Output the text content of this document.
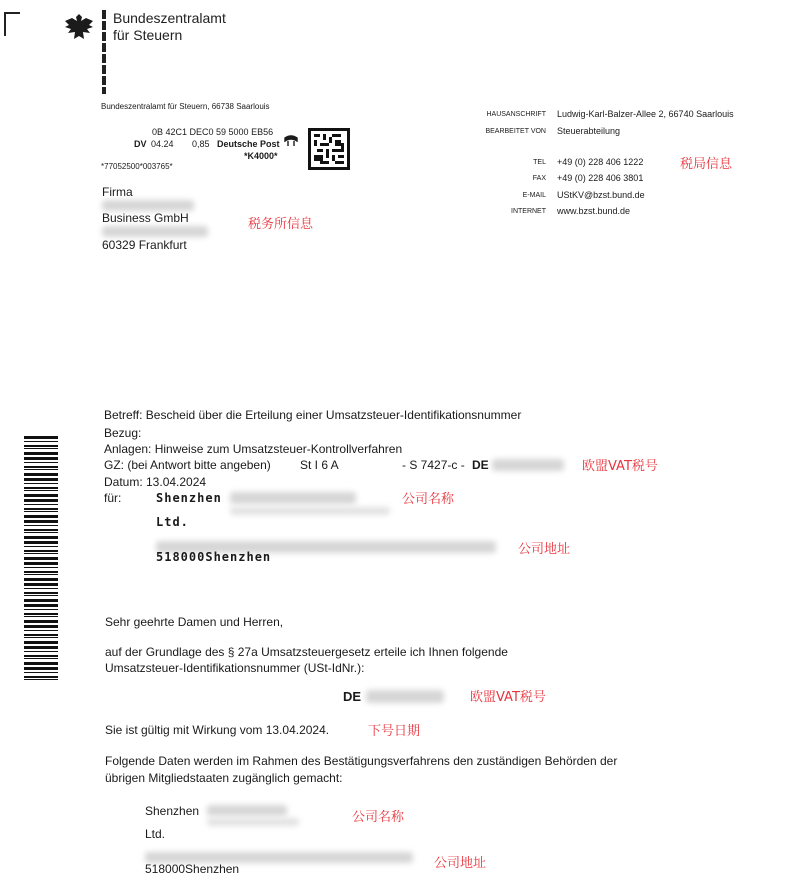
Bundeszentralamt
für Steuern
Bundeszentralamt für Steuern, 66738 Saarlouis
0B 42C1 DEC0 59 5000 EB56
DV 04.24 0,85 Deutsche Post
*K4000*
*77052500*003765*
Firma
Business GmbH
60329 Frankfurt
税务所信息
HAUSANSCHRIFT Ludwig-Karl-Balzer-Allee 2, 66740 Saarlouis
BEARBEITET VON Steuerabteilung
TEL +49 (0) 228 406 1222
FAX +49 (0) 228 406 3801
E-MAIL UStKV@bzst.bund.de
INTERNET www.bzst.bund.de
税局信息
Betreff: Bescheid über die Erteilung einer Umsatzsteuer-Identifikationsnummer
Bezug:
Anlagen: Hinweise zum Umsatzsteuer-Kontrollverfahren
GZ: (bei Antwort bitte angeben) St I 6 A	- S 7427-c - DE	欧盟VAT税号
Datum: 13.04.2024
für:	Shenzhen	公司名称
Ltd.
公司地址
518000Shenzhen
Sehr geehrte Damen und Herren,
auf der Grundlage des § 27a Umsatzsteuergesetz erteile ich Ihnen folgende
Umsatzsteuer-Identifikationsnummer (USt-IdNr.):
DE	欧盟VAT税号
Sie ist gültig mit Wirkung vom 13.04.2024.	下号日期
Folgende Daten werden im Rahmen des Bestätigungsverfahrens den zuständigen Behörden der
übrigen Mitgliedstaaten zugänglich gemacht:
Shenzhen	公司名称
Ltd.
公司地址
518000Shenzhen
